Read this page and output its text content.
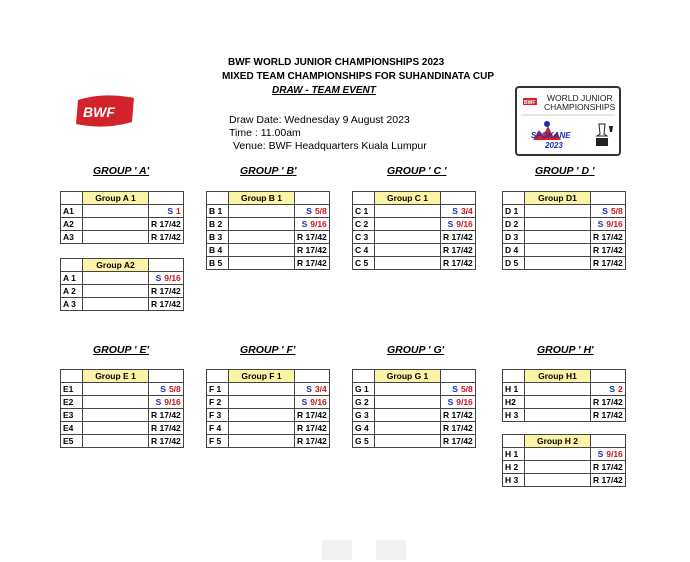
BWF WORLD JUNIOR CHAMPIONSHIPS 2023
MIXED TEAM CHAMPIONSHIPS FOR SUHANDINATA CUP
DRAW - TEAM EVENT
Draw Date: Wednesday 9 August 2023
Time : 11.00am
Venue: BWF Headquarters Kuala Lumpur
BWF
BWF WORLD JUNIOR
CHAMPIONSHIPS
SPOKANE
2023
GROUP ' A'
	Group A 1	
A1		S 1
A2		R 17/42
A3		R 17/42
	Group A2	
A 1		S 9/16
A 2		R 17/42
A 3		R 17/42
GROUP ' B'
	Group B 1	
B 1		S 5/8
B 2		S 9/16
B 3		R 17/42
B 4		R 17/42
B 5		R 17/42
GROUP ' C '
	Group C 1	
C 1		S 3/4
C 2		S 9/16
C 3		R 17/42
C 4		R 17/42
C 5		R 17/42
GROUP ' D '
	Group D1	
D 1		S 5/8
D 2		S 9/16
D 3		R 17/42
D 4		R 17/42
D 5		R 17/42
GROUP ' E'
	Group E 1	
E1		S 5/8
E2		S 9/16
E3		R 17/42
E4		R 17/42
E5		R 17/42
GROUP ' F'
	Group F 1	
F 1		S 3/4
F 2		S 9/16
F 3		R 17/42
F 4		R 17/42
F 5		R 17/42
GROUP ' G'
	Group G 1	
G 1		S 5/8
G 2		S 9/16
G 3		R 17/42
G 4		R 17/42
G 5		R 17/42
GROUP ' H'
	Group H1	
H 1		S 2
H2		R 17/42
H 3		R 17/42
	Group H 2	
H 1		S 9/16
H 2		R 17/42
H 3		R 17/42
